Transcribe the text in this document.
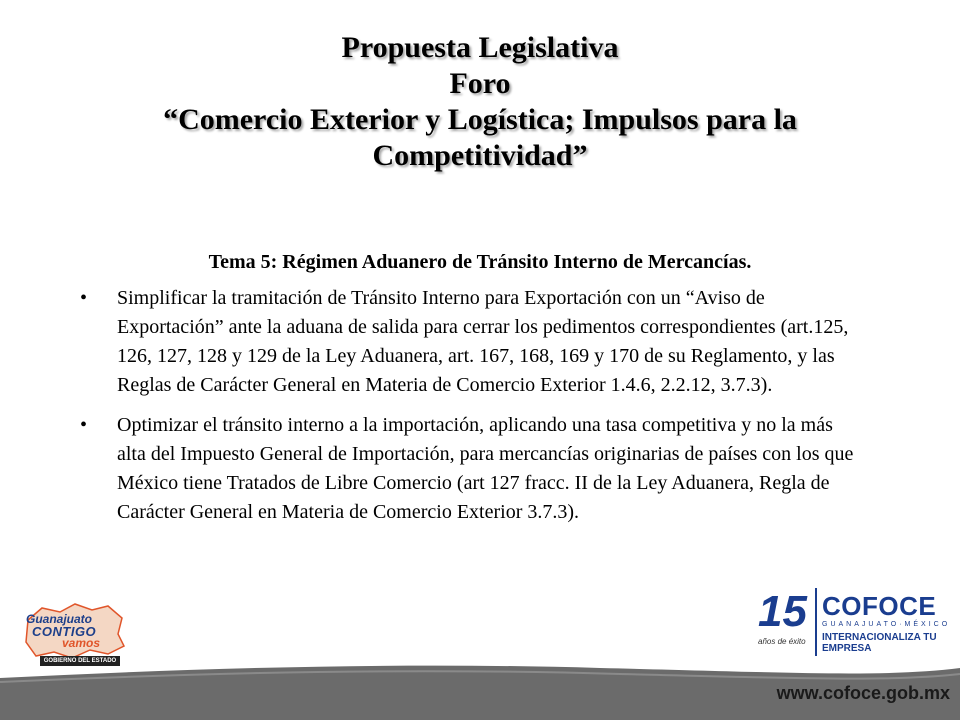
Propuesta Legislativa
Foro
“Comercio Exterior y Logística; Impulsos para la
Competitividad”
Tema 5: Régimen Aduanero de Tránsito Interno de Mercancías.
• Simplificar la tramitación de Tránsito Interno para Exportación con un “Aviso de Exportación” ante la aduana de salida para cerrar los pedimentos correspondientes (art.125, 126, 127, 128 y 129 de la Ley Aduanera, art. 167, 168, 169 y 170 de su Reglamento, y las Reglas de Carácter General en Materia de Comercio Exterior 1.4.6, 2.2.12, 3.7.3).
• Optimizar el tránsito interno a la importación, aplicando una tasa competitiva y no la más alta del Impuesto General de Importación, para mercancías originarias de países con los que México tiene Tratados de Libre Comercio (art 127 fracc. II de la Ley Aduanera, Regla de Carácter General en Materia de Comercio Exterior 3.7.3).
Guanajuato
CONTIGO
vamos
GOBIERNO DEL ESTADO
15
años de éxito
COFOCE
GUANAJUATO·MÉXICO
INTERNACIONALIZA TU EMPRESA
www.cofoce.gob.mx
